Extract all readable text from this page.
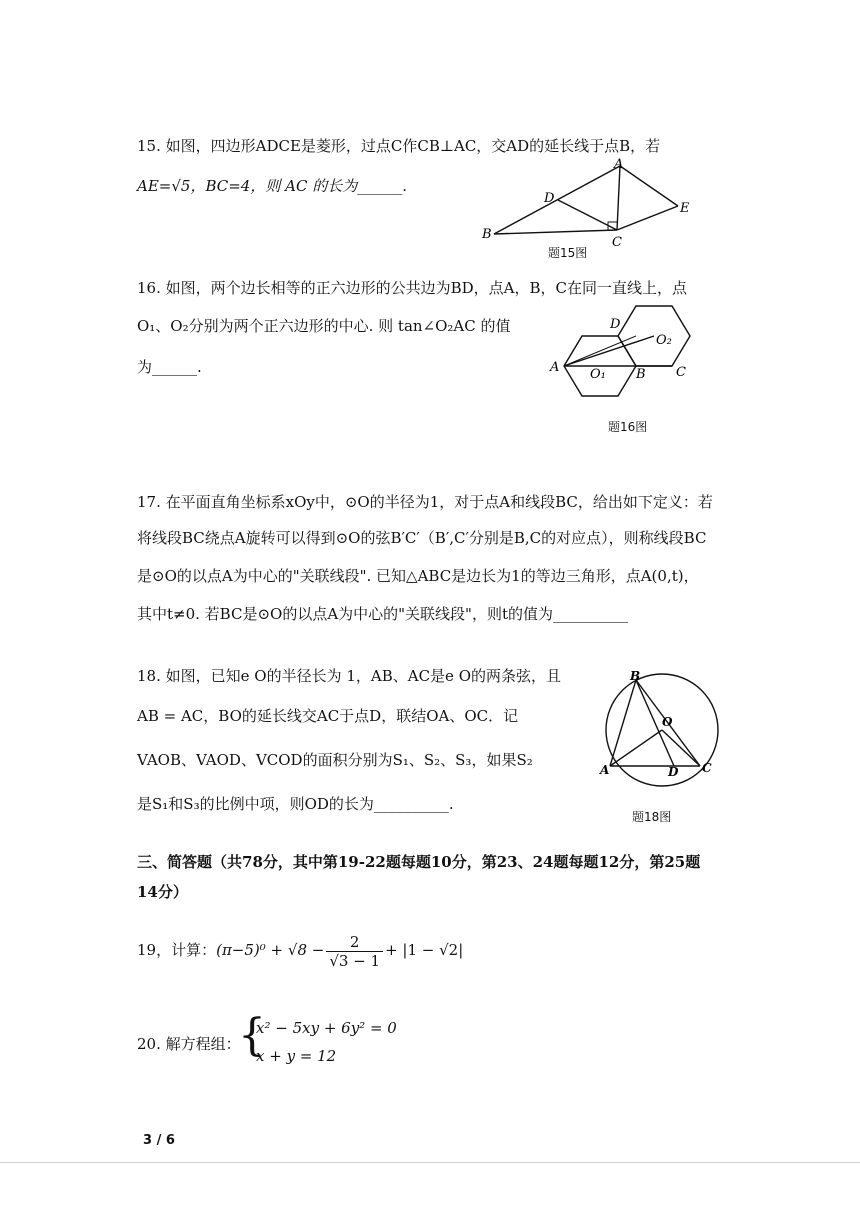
15. 如图，四边形ADCE是菱形，过点C作CB⊥AC，交AD的延长线于点B，若
AE=√5，BC=4，则 AC 的长为______.
A
B
C
D
E
题15图
16. 如图，两个边长相等的正六边形的公共边为BD，点A，B，C在同一直线上，点
O₁、O₂分别为两个正六边形的中心. 则 tan∠O₂AC 的值
为______.	A	B C
D
O₁
O₂
题16图
17. 在平面直角坐标系xOy中，⊙O的半径为1，对于点A和线段BC，给出如下定义：若
将线段BC绕点A旋转可以得到⊙O的弦B′C′（B′,C′分别是B,C的对应点），则称线段BC
是⊙O的以点A为中心的"关联线段". 已知△ABC是边长为1的等边三角形，点A(0,t)，
其中t≠0. 若BC是⊙O的以点A为中心的"关联线段"，则t的值为__________
18. 如图，已知e O的半径长为 1，AB、AC是e O的两条弦，且
AB = AC，BO的延长线交AC于点D，联结OA、OC．记
VAOB、VAOD、VCOD的面积分别为S₁、S₂、S₃，如果S₂
是S₁和S₃的比例中项，则OD的长为__________.
B
A	C
D
O
题18图
三、简答题（共78分，其中第19-22题每题10分，第23、24题每题12分，第25题
14分）
19，计算：$(\pi-5)^0 + √8 - \frac{2}{√3 - 1} + |1 - √2|$
20. 解方程组：
{
x² − 5xy + 6y² = 0
x + y = 12
3 / 6
